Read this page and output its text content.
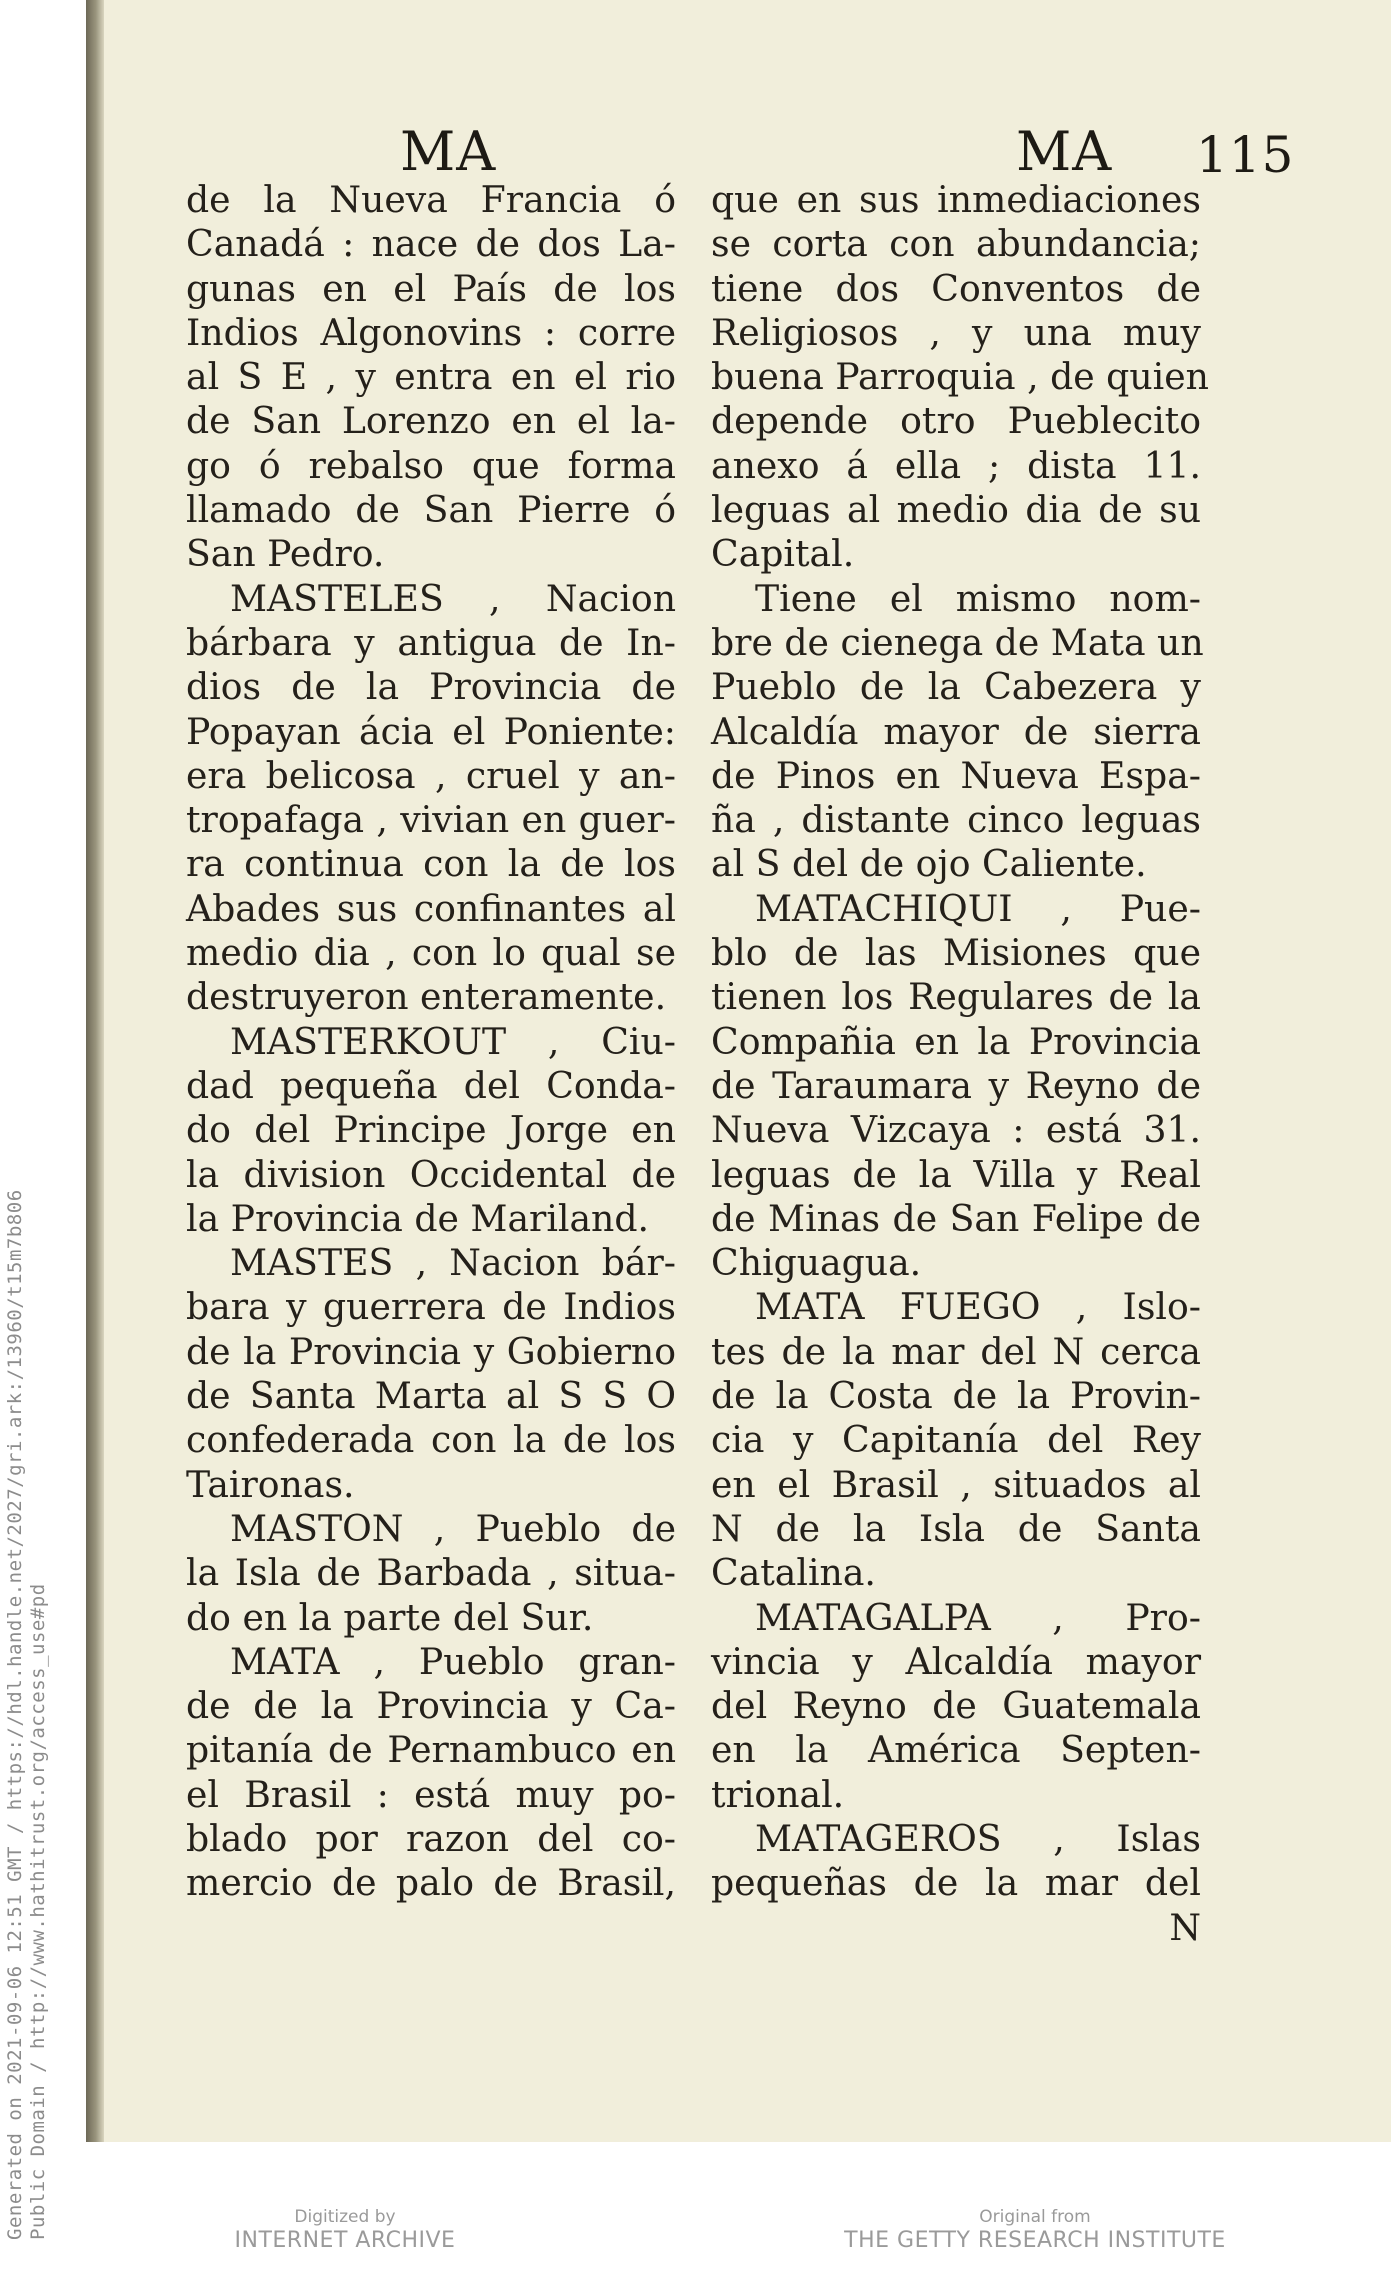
MA	MA 115
de la Nueva Francia ó
Canadá : nace de dos La-
gunas en el País de los
Indios Algonovins : corre
al S E , y entra en el rio
de San Lorenzo en el la-
go ó rebalso que forma
llamado de San Pierre ó
San Pedro.
MASTELES , Nacion
bárbara y antigua de In-
dios de la Provincia de
Popayan ácia el Poniente:
era belicosa , cruel y an-
tropafaga , vivian en guer-
ra continua con la de los
Abades sus confinantes al
medio dia , con lo qual se
destruyeron enteramente.
MASTERKOUT , Ciu-
dad pequeña del Conda-
do del Principe Jorge en
la division Occidental de
la Provincia de Mariland.
MASTES , Nacion bár-
bara y guerrera de Indios
de la Provincia y Gobierno
de Santa Marta al S S O
confederada con la de los
Taironas.
MASTON , Pueblo de
la Isla de Barbada , situa-
do en la parte del Sur.
MATA , Pueblo gran-
de de la Provincia y Ca-
pitanía de Pernambuco en
el Brasil : está muy po-
blado por razon del co-
mercio de palo de Brasil,
que en sus inmediaciones
se corta con abundancia;
tiene dos Conventos de
Religiosos , y una muy
buena Parroquia , de quien
depende otro Pueblecito
anexo á ella ; dista 11.
leguas al medio dia de su
Capital.
Tiene el mismo nom-
bre de cienega de Mata un
Pueblo de la Cabezera y
Alcaldía mayor de sierra
de Pinos en Nueva Espa-
ña , distante cinco leguas
al S del de ojo Caliente.
MATACHIQUI , Pue-
blo de las Misiones que
tienen los Regulares de la
Compañia en la Provincia
de Taraumara y Reyno de
Nueva Vizcaya : está 31.
leguas de la Villa y Real
de Minas de San Felipe de
Chiguagua.
MATA FUEGO , Islo-
tes de la mar del N cerca
de la Costa de la Provin-
cia y Capitanía del Rey
en el Brasil , situados al
N de la Isla de Santa
Catalina.
MATAGALPA , Pro-
vincia y Alcaldía mayor
del Reyno de Guatemala
en la América Septen-
trional.
MATAGEROS , Islas
pequeñas de la mar del
N
Generated on 2021-09-06 12:51 GMT / https://hdl.handle.net/2027/gri.ark:/13960/t15m7b806 Public Domain / http://www.hathitrust.org/access_use#pd	Digitized by
INTERNET ARCHIVE
Original from
THE GETTY RESEARCH INSTITUTE
